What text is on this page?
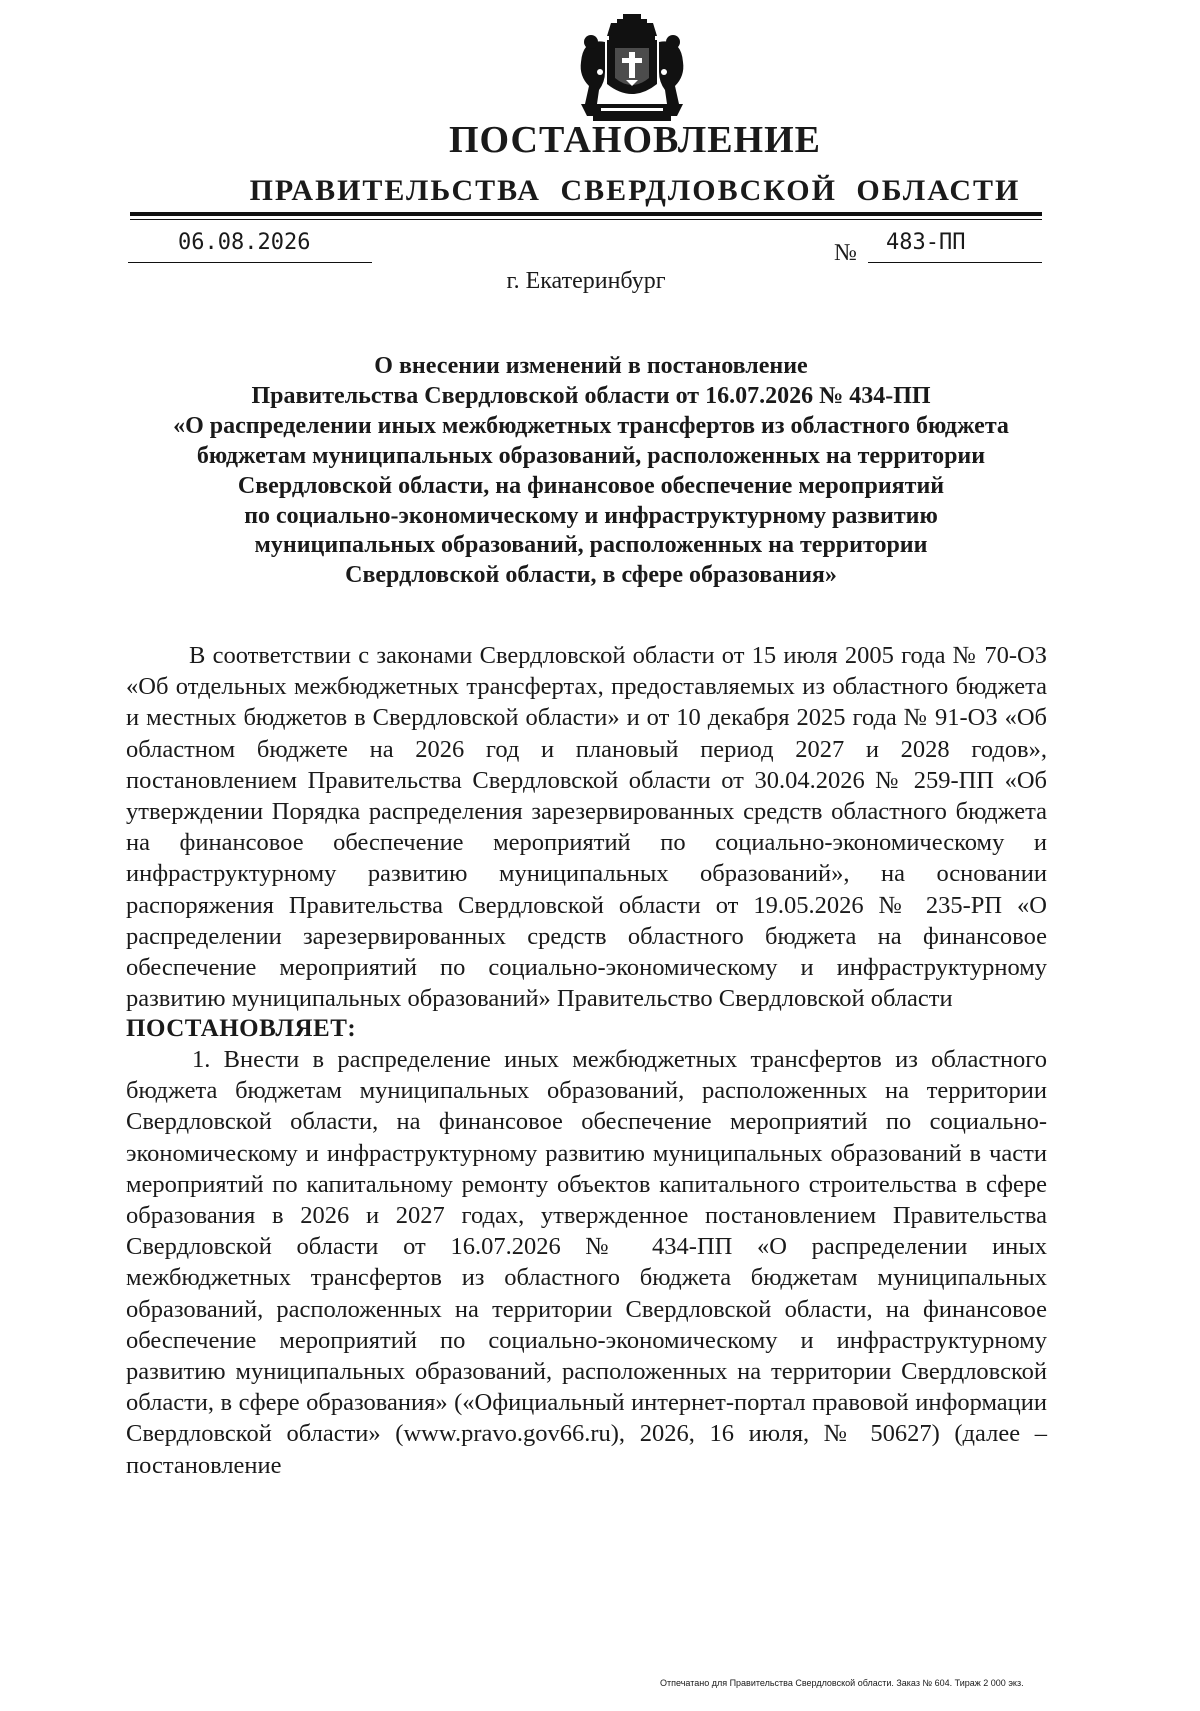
ПОСТАНОВЛЕНИЕ
ПРАВИТЕЛЬСТВА СВЕРДЛОВСКОЙ ОБЛАСТИ
06.08.2026	№ 483-ПП
г. Екатеринбург
О внесении изменений в постановление
Правительства Свердловской области от 16.07.2026 № 434-ПП
«О распределении иных межбюджетных трансфертов из областного бюджета
бюджетам муниципальных образований, расположенных на территории
Свердловской области, на финансовое обеспечение мероприятий
по социально-экономическому и инфраструктурному развитию
муниципальных образований, расположенных на территории
Свердловской области, в сфере образования»
В соответствии с законами Свердловской области от 15 июля 2005 года № 70-ОЗ «Об отдельных межбюджетных трансфертах, предоставляемых из областного бюджета и местных бюджетов в Свердловской области» и от 10 декабря 2025 года № 91-ОЗ «Об областном бюджете на 2026 год и плановый период 2027 и 2028 годов», постановлением Правительства Свердловской области от 30.04.2026 № 259-ПП «Об утверждении Порядка распределения зарезервированных средств областного бюджета на финансовое обеспечение мероприятий по социально-экономическому и инфраструктурному развитию муниципальных образований», на основании распоряжения Правительства Свердловской области от 19.05.2026 № 235-РП «О распределении зарезервированных средств областного бюджета на финансовое обеспечение мероприятий по социально-экономическому и инфраструктурному развитию муниципальных образований» Правительство Свердловской области
ПОСТАНОВЛЯЕТ:
1. Внести в распределение иных межбюджетных трансфертов из областного бюджета бюджетам муниципальных образований, расположенных на территории Свердловской области, на финансовое обеспечение мероприятий по социально-экономическому и инфраструктурному развитию муниципальных образований в части мероприятий по капитальному ремонту объектов капитального строительства в сфере образования в 2026 и 2027 годах, утвержденное постановлением Правительства Свердловской области от 16.07.2026 № 434-ПП «О распределении иных межбюджетных трансфертов из областного бюджета бюджетам муниципальных образований, расположенных на территории Свердловской области, на финансовое обеспечение мероприятий по социально-экономическому и инфраструктурному развитию муниципальных образований, расположенных на территории Свердловской области, в сфере образования» («Официальный интернет-портал правовой информации Свердловской области» (www.pravo.gov66.ru), 2026, 16 июля, № 50627) (далее – постановление
Отпечатано для Правительства Свердловской области. Заказ № 604. Тираж 2 000 экз.
